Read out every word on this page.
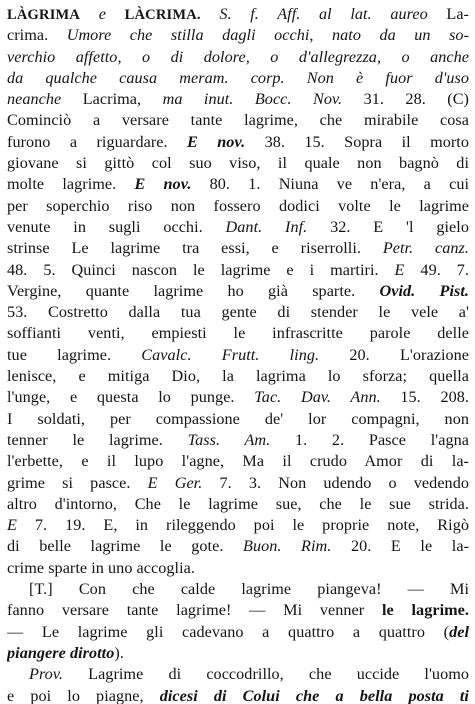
LÀGRIMA e LÀCRIMA. S. f. Aff. al lat. aureo La-
crima. Umore che stilla dagli occhi, nato da un so-
verchio affetto, o di dolore, o d'allegrezza, o anche
da qualche causa meram. corp. Non è fuor d'uso
neanche Lacrima, ma inut. Bocc. Nov. 31. 28. (C)
Cominciò a versare tante lagrime, che mirabile cosa
furono a riguardare. E nov. 38. 15. Sopra il morto
giovane si gittò col suo viso, il quale non bagnò di
molte lagrime. E nov. 80. 1. Niuna ve n'era, a cui
per soperchio riso non fossero dodici volte le lagrime
venute in sugli occhi. Dant. Inf. 32. E 'l gielo
strinse Le lagrime tra essi, e riserrolli. Petr. canz.
48. 5. Quinci nascon le lagrime e i martiri. E 49. 7.
Vergine, quante lagrime ho già sparte. Ovid. Pist.
53. Costretto dalla tua gente di stender le vele a'
soffianti venti, empiesti le infrascritte parole delle
tue lagrime. Cavalc. Frutt. ling. 20. L'orazione
lenisce, e mitiga Dio, la lagrima lo sforza; quella
l'unge, e questa lo punge. Tac. Dav. Ann. 15. 208.
I soldati, per compassione de' lor compagni, non
tenner le lagrime. Tass. Am. 1. 2. Pasce l'agna
l'erbette, e il lupo l'agne, Ma il crudo Amor di la-
grime si pasce. E Ger. 7. 3. Non udendo o vedendo
altro d'intorno, Che le lagrime sue, che le sue strida.
E 7. 19. E, in rileggendo poi le proprie note, Rigò
di belle lagrime le gote. Buon. Rim. 20. E le la-
crime sparte in uno accoglia.
[T.] Con che calde lagrime piangeva! — Mi
fanno versare tante lagrime! — Mi venner le lagrime.
— Le lagrime gli cadevano a quattro a quattro (del
piangere dirotto).
Prov. Lagrime di coccodrillo, che uccide l'uomo
e poi lo piagne, dicesi di Colui che a bella posta ti
